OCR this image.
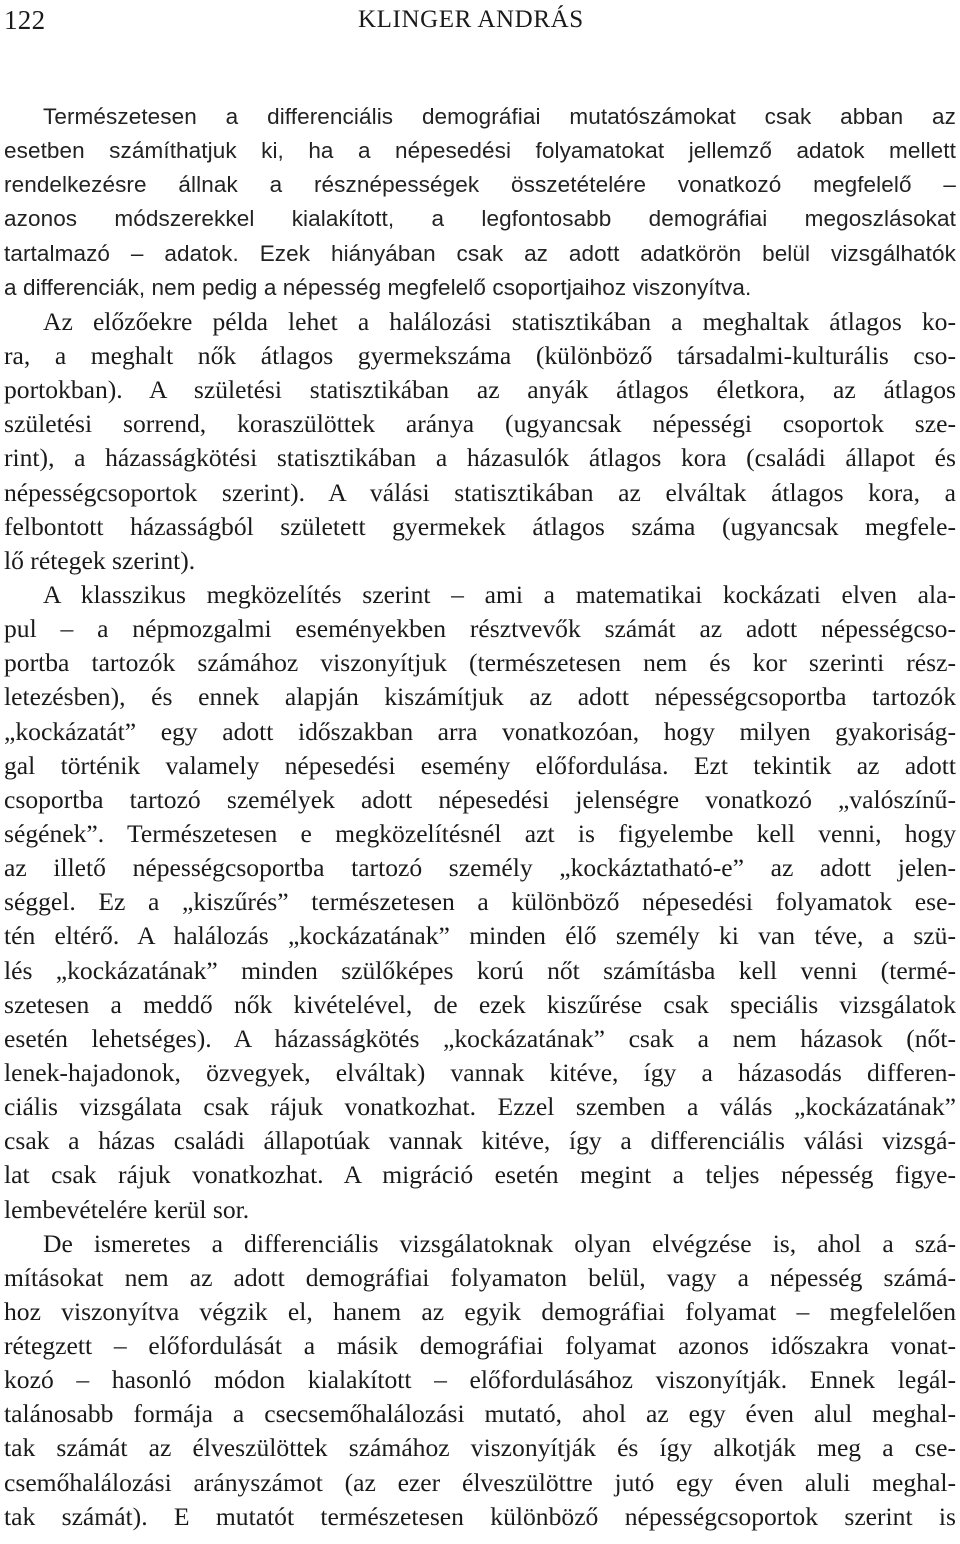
122	KLINGER ANDRÁS
Természetesen a differenciális demográfiai mutatószámokat csak abban az
esetben számíthatjuk ki, ha a népesedési folyamatokat jellemző adatok mellett
rendelkezésre állnak a résznépességek összetételére vonatkozó megfelelő –
azonos módszerekkel kialakított, a legfontosabb demográfiai megoszlásokat
tartalmazó – adatok. Ezek hiányában csak az adott adatkörön belül vizsgálhatók
a differenciák, nem pedig a népesség megfelelő csoportjaihoz viszonyítva.
Az előzőekre példa lehet a halálozási statisztikában a meghaltak átlagos ko-
ra, a meghalt nők átlagos gyermekszáma (különböző társadalmi-kulturális cso-
portokban). A születési statisztikában az anyák átlagos életkora, az átlagos
születési sorrend, koraszülöttek aránya (ugyancsak népességi csoportok sze-
rint), a házasságkötési statisztikában a házasulók átlagos kora (családi állapot és
népességcsoportok szerint). A válási statisztikában az elváltak átlagos kora, a
felbontott házasságból született gyermekek átlagos száma (ugyancsak megfele-
lő rétegek szerint).
A klasszikus megközelítés szerint – ami a matematikai kockázati elven ala-
pul – a népmozgalmi eseményekben résztvevők számát az adott népességcso-
portba tartozók számához viszonyítjuk (természetesen nem és kor szerinti rész-
letezésben), és ennek alapján kiszámítjuk az adott népességcsoportba tartozók
„kockázatát” egy adott időszakban arra vonatkozóan, hogy milyen gyakoriság-
gal történik valamely népesedési esemény előfordulása. Ezt tekintik az adott
csoportba tartozó személyek adott népesedési jelenségre vonatkozó „valószínű-
ségének”. Természetesen e megközelítésnél azt is figyelembe kell venni, hogy
az illető népességcsoportba tartozó személy „kockáztatható-e” az adott jelen-
séggel. Ez a „kiszűrés” természetesen a különböző népesedési folyamatok ese-
tén eltérő. A halálozás „kockázatának” minden élő személy ki van téve, a szü-
lés „kockázatának” minden szülőképes korú nőt számításba kell venni (termé-
szetesen a meddő nők kivételével, de ezek kiszűrése csak speciális vizsgálatok
esetén lehetséges). A házasságkötés „kockázatának” csak a nem házasok (nőt-
lenek-hajadonok, özvegyek, elváltak) vannak kitéve, így a házasodás differen-
ciális vizsgálata csak rájuk vonatkozhat. Ezzel szemben a válás „kockázatának”
csak a házas családi állapotúak vannak kitéve, így a differenciális válási vizsgá-
lat csak rájuk vonatkozhat. A migráció esetén megint a teljes népesség figye-
lembevételére kerül sor.
De ismeretes a differenciális vizsgálatoknak olyan elvégzése is, ahol a szá-
mításokat nem az adott demográfiai folyamaton belül, vagy a népesség számá-
hoz viszonyítva végzik el, hanem az egyik demográfiai folyamat – megfelelően
rétegzett – előfordulását a másik demográfiai folyamat azonos időszakra vonat-
kozó – hasonló módon kialakított – előfordulásához viszonyítják. Ennek legál-
talánosabb formája a csecsemőhalálozási mutató, ahol az egy éven alul meghal-
tak számát az élveszülöttek számához viszonyítják és így alkotják meg a cse-
csemőhalálozási arányszámot (az ezer élveszülöttre jutó egy éven aluli meghal-
tak számát). E mutatót természetesen különböző népességcsoportok szerint is
